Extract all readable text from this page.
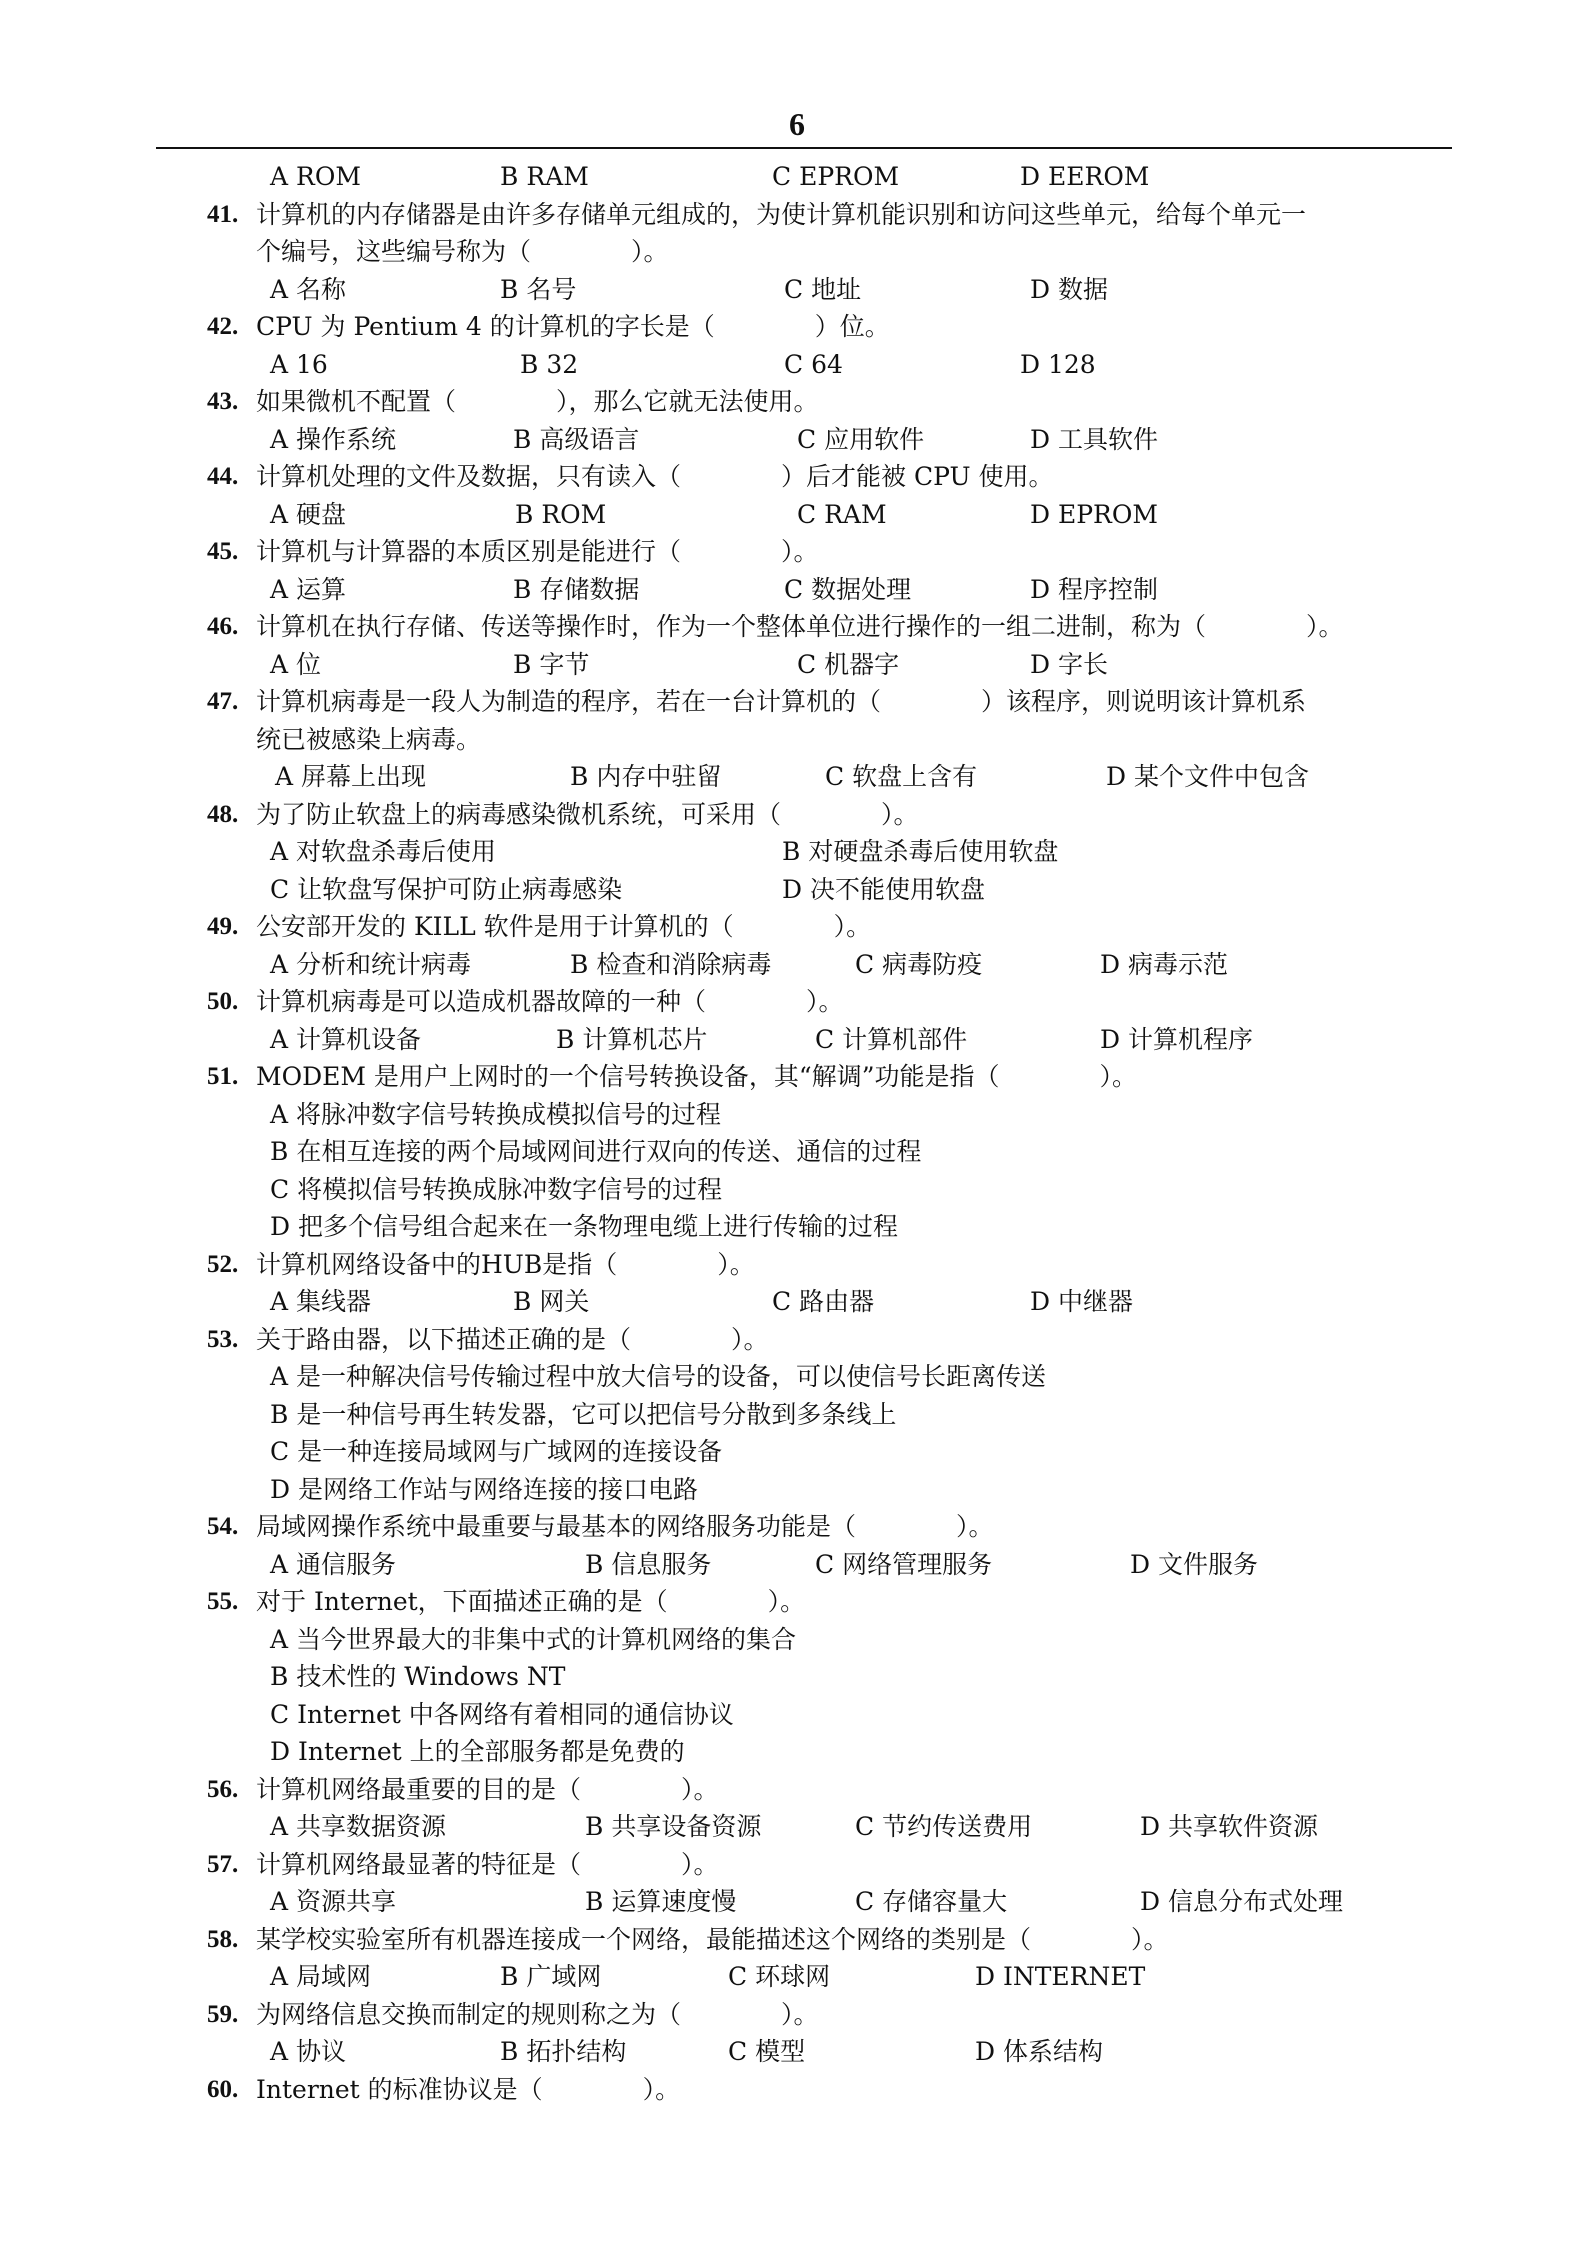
6
A ROM	B RAM	C EPROM	D EEROM
41. 计算机的内存储器是由许多存储单元组成的，为使计算机能识别和访问这些单元，给每个单元一
个编号，这些编号称为（　　　　）。
A 名称	B 名号	C 地址	D 数据
42. CPU 为 Pentium 4 的计算机的字长是（　　　　）位。
A 16	B 32	C 64	D 128
43. 如果微机不配置（　　　　），那么它就无法使用。
A 操作系统	B 高级语言	C 应用软件	D 工具软件
44. 计算机处理的文件及数据，只有读入（　　　　）后才能被 CPU 使用。
A 硬盘	B ROM	C RAM	D EPROM
45. 计算机与计算器的本质区别是能进行（　　　　）。
A 运算	B 存储数据	C 数据处理	D 程序控制
46. 计算机在执行存储、传送等操作时，作为一个整体单位进行操作的一组二进制，称为（　　　　）。
A 位	B 字节	C 机器字	D 字长
47. 计算机病毒是一段人为制造的程序，若在一台计算机的（　　　　）该程序，则说明该计算机系
统已被感染上病毒。
A 屏幕上出现	B 内存中驻留	C 软盘上含有	D 某个文件中包含
48. 为了防止软盘上的病毒感染微机系统，可采用（　　　　）。
A 对软盘杀毒后使用	B 对硬盘杀毒后使用软盘
C 让软盘写保护可防止病毒感染	D 决不能使用软盘
49. 公安部开发的 KILL 软件是用于计算机的（　　　　）。
A 分析和统计病毒	B 检查和消除病毒	C 病毒防疫	D 病毒示范
50. 计算机病毒是可以造成机器故障的一种（　　　　）。
A 计算机设备	B 计算机芯片	C 计算机部件	D 计算机程序
51. MODEM 是用户上网时的一个信号转换设备，其“解调”功能是指（　　　　）。
A 将脉冲数字信号转换成模拟信号的过程
B 在相互连接的两个局域网间进行双向的传送、通信的过程
C 将模拟信号转换成脉冲数字信号的过程
D 把多个信号组合起来在一条物理电缆上进行传输的过程
52. 计算机网络设备中的HUB是指（　　　　）。
A 集线器	B 网关	C 路由器	D 中继器
53. 关于路由器，以下描述正确的是（　　　　）。
A 是一种解决信号传输过程中放大信号的设备，可以使信号长距离传送
B 是一种信号再生转发器，它可以把信号分散到多条线上
C 是一种连接局域网与广域网的连接设备
D 是网络工作站与网络连接的接口电路
54. 局域网操作系统中最重要与最基本的网络服务功能是（　　　　）。
A 通信服务	B 信息服务	C 网络管理服务	D 文件服务
55. 对于 Internet，下面描述正确的是（　　　　）。
A 当今世界最大的非集中式的计算机网络的集合
B 技术性的 Windows NT
C Internet 中各网络有着相同的通信协议
D Internet 上的全部服务都是免费的
56. 计算机网络最重要的目的是（　　　　）。
A 共享数据资源	B 共享设备资源	C 节约传送费用	D 共享软件资源
57. 计算机网络最显著的特征是（　　　　）。
A 资源共享	B 运算速度慢	C 存储容量大	D 信息分布式处理
58. 某学校实验室所有机器连接成一个网络，最能描述这个网络的类别是（　　　　）。
A 局域网	B 广域网	C 环球网	D INTERNET
59. 为网络信息交换而制定的规则称之为（　　　　）。
A 协议	B 拓扑结构	C 模型	D 体系结构
60. Internet 的标准协议是（　　　　）。
